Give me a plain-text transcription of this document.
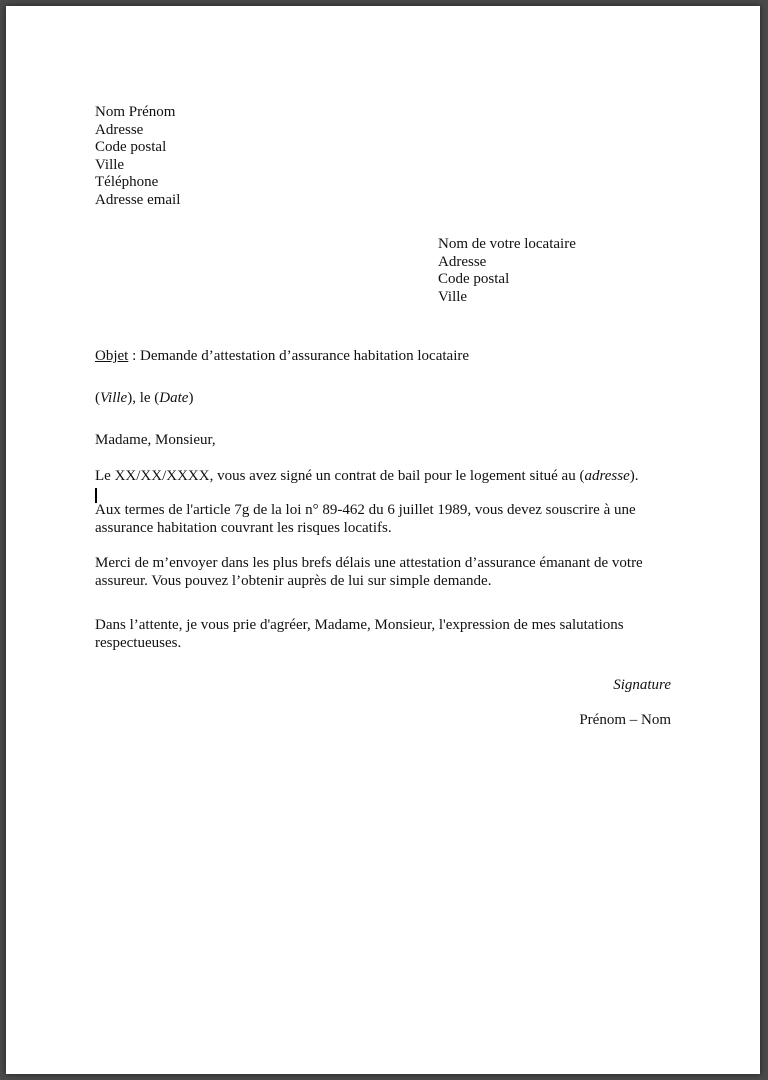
Nom Prénom
Adresse
Code postal
Ville
Téléphone
Adresse email
Nom de votre locataire
Adresse
Code postal
Ville
Objet : Demande d’attestation d’assurance habitation locataire
(Ville), le (Date)
Madame, Monsieur,
Le XX/XX/XXXX, vous avez signé un contrat de bail pour le logement situé au (adresse).
Aux termes de l'article 7g de la loi n° 89-462 du 6 juillet 1989, vous devez souscrire à une assurance habitation couvrant les risques locatifs.
Merci de m’envoyer dans les plus brefs délais une attestation d’assurance émanant de votre assureur. Vous pouvez l’obtenir auprès de lui sur simple demande.
Dans l’attente, je vous prie d'agréer, Madame, Monsieur, l'expression de mes salutations respectueuses.
Signature
Prénom – Nom
